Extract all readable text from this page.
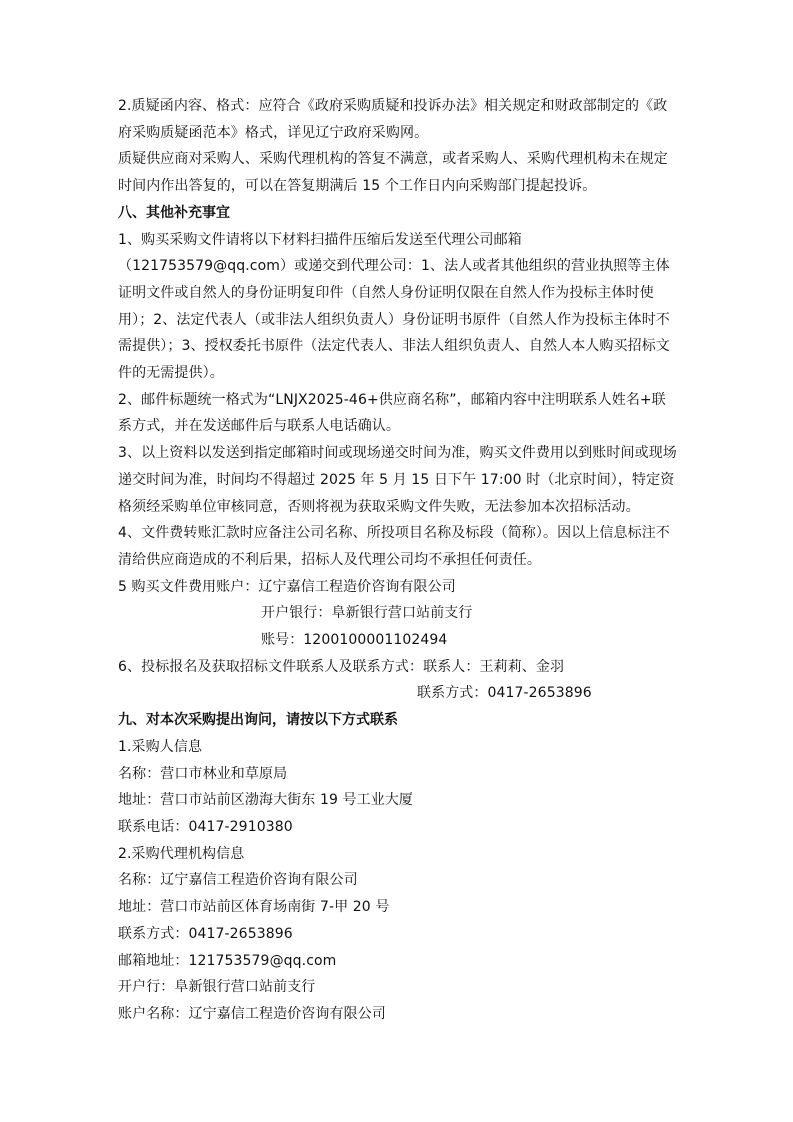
2.质疑函内容、格式：应符合《政府采购质疑和投诉办法》相关规定和财政部制定的《政府采购质疑函范本》格式，详见辽宁政府采购网。

质疑供应商对采购人、采购代理机构的答复不满意，或者采购人、采购代理机构未在规定时间内作出答复的，可以在答复期满后 15 个工作日内向采购部门提起投诉。

八、其他补充事宜

1、购买采购文件请将以下材料扫描件压缩后发送至代理公司邮箱（121753579@qq.com）或递交到代理公司：1、法人或者其他组织的营业执照等主体证明文件或自然人的身份证明复印件（自然人身份证明仅限在自然人作为投标主体时使用）；2、法定代表人（或非法人组织负责人）身份证明书原件（自然人作为投标主体时不需提供）；3、授权委托书原件（法定代表人、非法人组织负责人、自然人本人购买招标文件的无需提供）。

2、邮件标题统一格式为“LNJX2025-46+供应商名称”，邮箱内容中注明联系人姓名+联系方式，并在发送邮件后与联系人电话确认。

3、以上资料以发送到指定邮箱时间或现场递交时间为准，购买文件费用以到账时间或现场递交时间为准，时间均不得超过 2025 年 5 月 15 日下午 17:00 时（北京时间），特定资格须经采购单位审核同意，否则将视为获取采购文件失败，无法参加本次招标活动。

4、文件费转账汇款时应备注公司名称、所投项目名称及标段（简称）。因以上信息标注不清给供应商造成的不利后果，招标人及代理公司均不承担任何责任。

5 购买文件费用账户：辽宁嘉信工程造价咨询有限公司

开户银行：阜新银行营口站前支行

账号：1200100001102494

6、投标报名及获取招标文件联系人及联系方式：联系人：王莉莉、金羽

联系方式：0417-2653896

九、对本次采购提出询问，请按以下方式联系

1.采购人信息

名称：营口市林业和草原局

地址：营口市站前区渤海大街东 19 号工业大厦

联系电话：0417-2910380

2.采购代理机构信息

名称：辽宁嘉信工程造价咨询有限公司

地址：营口市站前区体育场南街 7-甲 20 号

联系方式：0417-2653896

邮箱地址：121753579@qq.com

开户行：阜新银行营口站前支行

账户名称：辽宁嘉信工程造价咨询有限公司
